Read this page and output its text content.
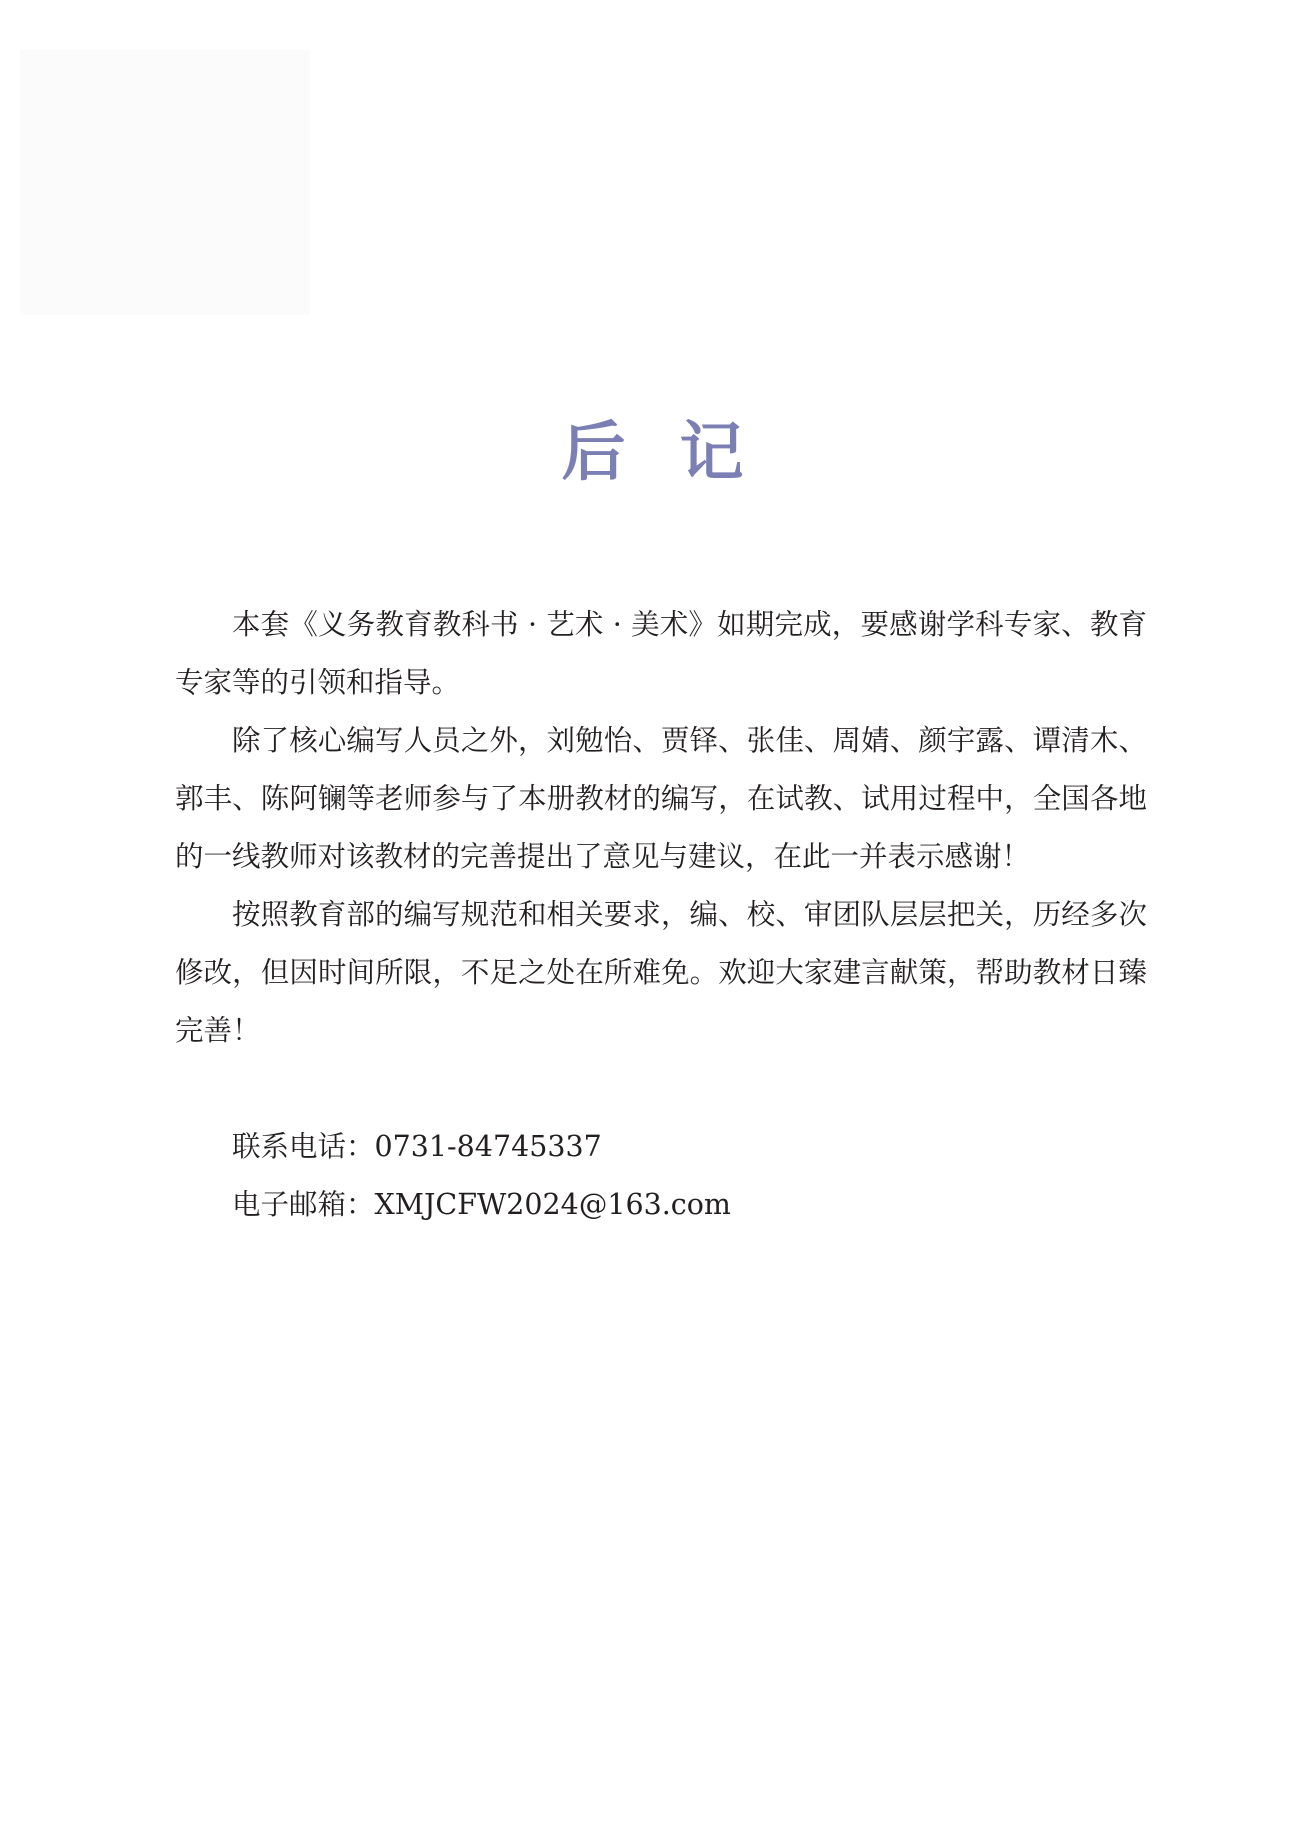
后 记

本套《义务教育教科书 · 艺术 · 美术》如期完成，要感谢学科专家、教育专家等的引领和指导。

除了核心编写人员之外，刘勉怡、贾铎、张佳、周婧、颜宇露、谭清木、郭丰、陈阿镧等老师参与了本册教材的编写，在试教、试用过程中，全国各地的一线教师对该教材的完善提出了意见与建议，在此一并表示感谢！

按照教育部的编写规范和相关要求，编、校、审团队层层把关，历经多次修改，但因时间所限，不足之处在所难免。欢迎大家建言献策，帮助教材日臻完善！

联系电话：0731-84745337
电子邮箱：XMJCFW2024@163.com
